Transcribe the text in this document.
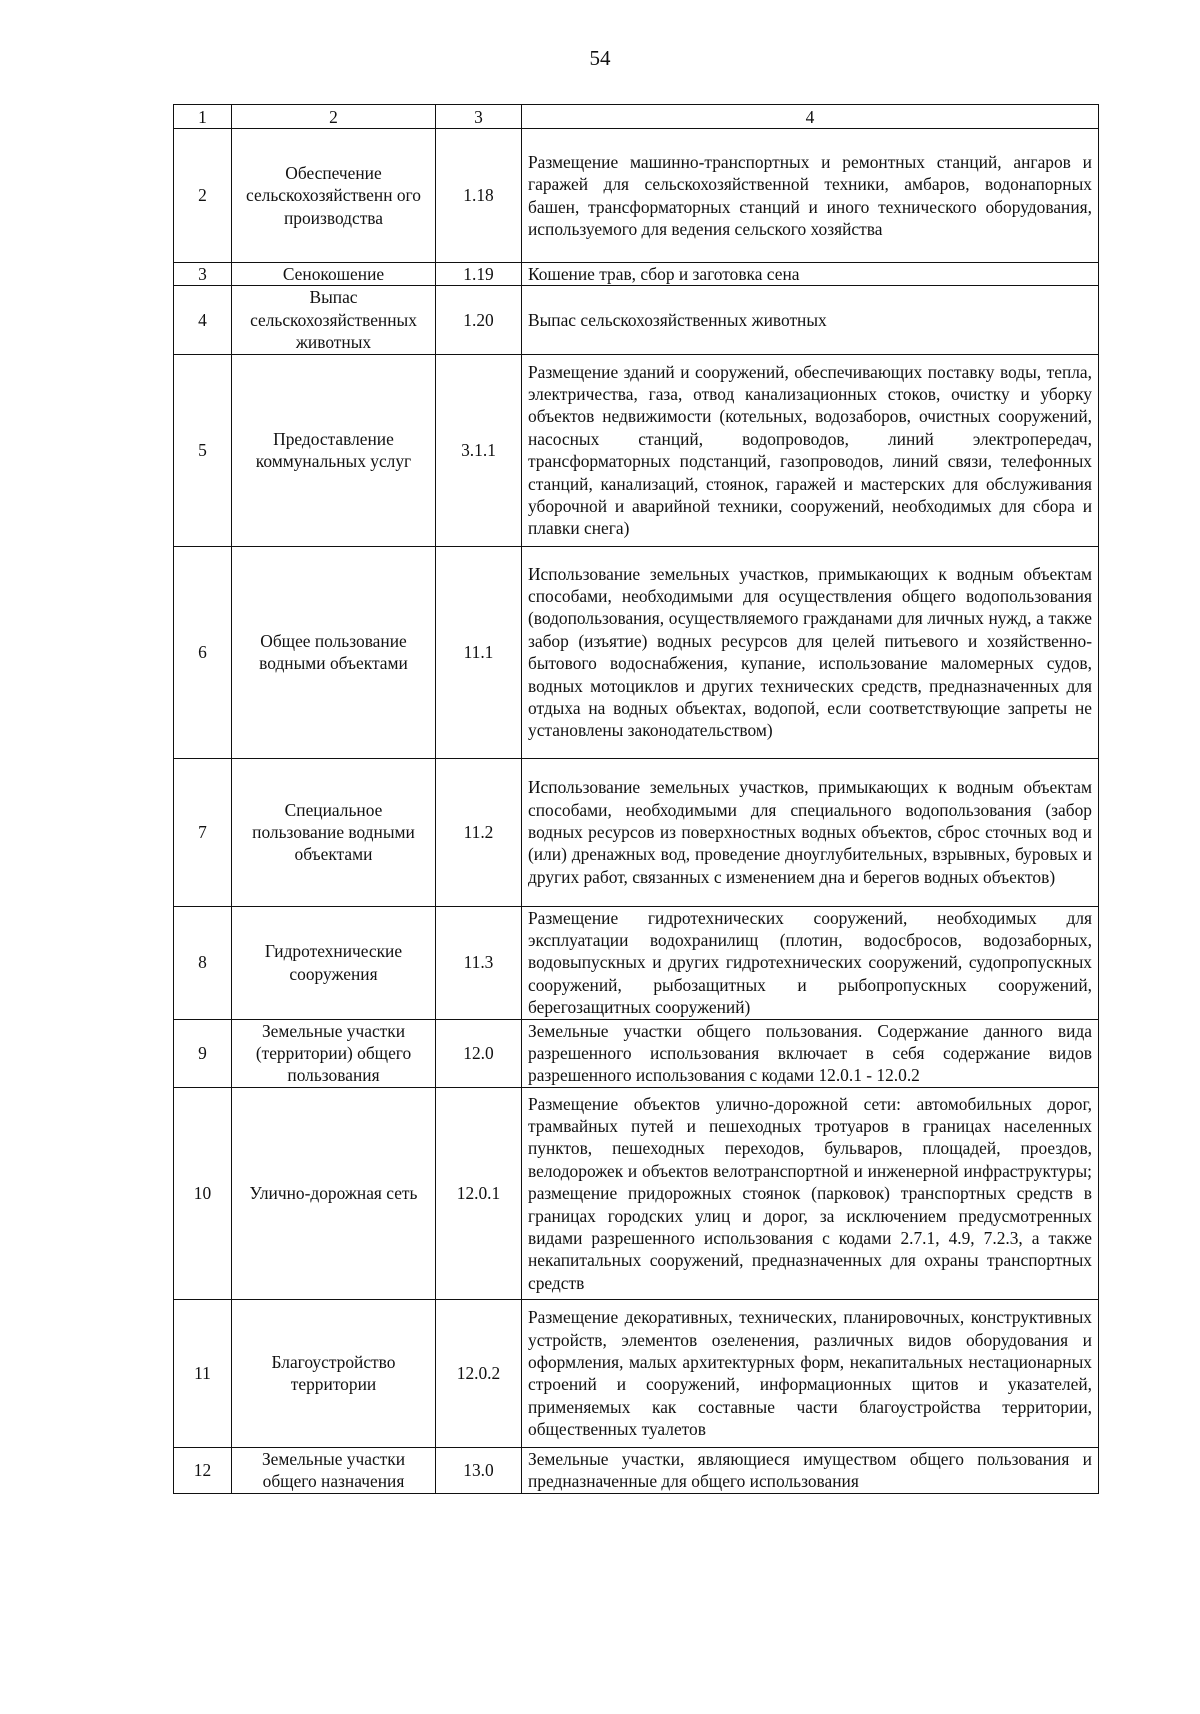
54
1	2	3	4
2	Обеспечение сельскохозяйственн ого производства	1.18	Размещение машинно-транспортных и ремонтных станций, ангаров и гаражей для сельскохозяйственной техники, амбаров, водонапорных башен, трансформаторных станций и иного технического оборудования, используемого для ведения сельского хозяйства
3	Сенокошение	1.19	Кошение трав, сбор и заготовка сена
4	Выпас сельскохозяйственных животных	1.20	Выпас сельскохозяйственных животных
5	Предоставление коммунальных услуг	3.1.1	Размещение зданий и сооружений, обеспечивающих поставку воды, тепла, электричества, газа, отвод канализационных стоков, очистку и уборку объектов недвижимости (котельных, водозаборов, очистных сооружений, насосных станций, водопроводов, линий электропередач, трансформаторных подстанций, газопроводов, линий связи, телефонных станций, канализаций, стоянок, гаражей и мастерских для обслуживания уборочной и аварийной техники, сооружений, необходимых для сбора и плавки снега)
6	Общее пользование водными объектами	11.1	Использование земельных участков, примыкающих к водным объектам способами, необходимыми для осуществления общего водопользования (водопользования, осуществляемого гражданами для личных нужд, а также забор (изъятие) водных ресурсов для целей питьевого и хозяйственно-бытового водоснабжения, купание, использование маломерных судов, водных мотоциклов и других технических средств, предназначенных для отдыха на водных объектах, водопой, если соответствующие запреты не установлены законодательством)
7	Специальное пользование водными объектами	11.2	Использование земельных участков, примыкающих к водным объектам способами, необходимыми для специального водопользования (забор водных ресурсов из поверхностных водных объектов, сброс сточных вод и (или) дренажных вод, проведение дноуглубительных, взрывных, буровых и других работ, связанных с изменением дна и берегов водных объектов)
8	Гидротехнические сооружения	11.3	Размещение гидротехнических сооружений, необходимых для эксплуатации водохранилищ (плотин, водосбросов, водозаборных, водовыпускных и других гидротехнических сооружений, судопропускных сооружений, рыбозащитных и рыбопропускных сооружений, берегозащитных сооружений)
9	Земельные участки (территории) общего пользования	12.0	Земельные участки общего пользования. Содержание данного вида разрешенного использования включает в себя содержание видов разрешенного использования с кодами 12.0.1 - 12.0.2
10	Улично-дорожная сеть	12.0.1	Размещение объектов улично-дорожной сети: автомобильных дорог, трамвайных путей и пешеходных тротуаров в границах населенных пунктов, пешеходных переходов, бульваров, площадей, проездов, велодорожек и объектов велотранспортной и инженерной инфраструктуры; размещение придорожных стоянок (парковок) транспортных средств в границах городских улиц и дорог, за исключением предусмотренных видами разрешенного использования с кодами 2.7.1, 4.9, 7.2.3, а также некапитальных сооружений, предназначенных для охраны транспортных средств
11	Благоустройство территории	12.0.2	Размещение декоративных, технических, планировочных, конструктивных устройств, элементов озеленения, различных видов оборудования и оформления, малых архитектурных форм, некапитальных нестационарных строений и сооружений, информационных щитов и указателей, применяемых как составные части благоустройства территории, общественных туалетов
12	Земельные участки общего назначения	13.0	Земельные участки, являющиеся имуществом общего пользования и предназначенные для общего использования
